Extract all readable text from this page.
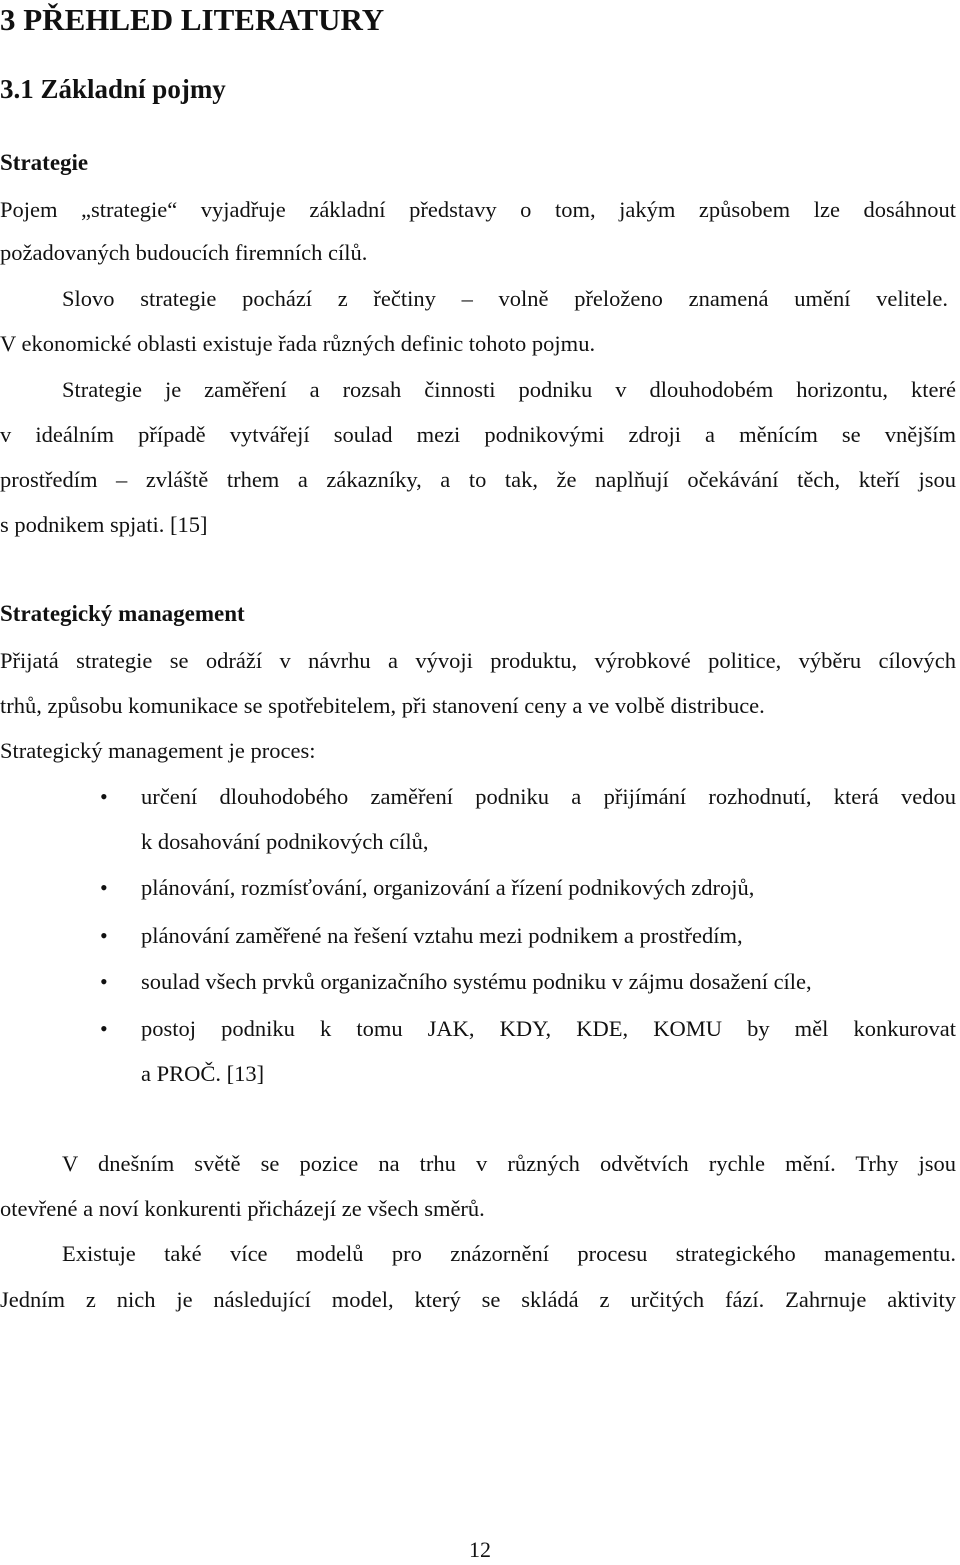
3 PŘEHLED LITERATURY
3.1 Základní pojmy
Strategie
Pojem „strategie“ vyjadřuje základní představy o tom, jakým způsobem lze dosáhnout
požadovaných budoucích firemních cílů.
Slovo strategie pochází z řečtiny – volně přeloženo znamená umění velitele.
V ekonomické oblasti existuje řada různých definic tohoto pojmu.
Strategie je zaměření a rozsah činnosti podniku v dlouhodobém horizontu, které
v ideálním případě vytvářejí soulad mezi podnikovými zdroji a měnícím se vnějším
prostředím – zvláště trhem a zákazníky, a to tak, že naplňují očekávání těch, kteří jsou
s podnikem spjati. [15]
Strategický management
Přijatá strategie se odráží v návrhu a vývoji produktu, výrobkové politice, výběru cílových
trhů, způsobu komunikace se spotřebitelem, při stanovení ceny a ve volbě distribuce.
Strategický management je proces:
• určení dlouhodobého zaměření podniku a přijímání rozhodnutí, která vedou
k dosahování podnikových cílů,
• plánování, rozmísťování, organizování a řízení podnikových zdrojů,
• plánování zaměřené na řešení vztahu mezi podnikem a prostředím,
• soulad všech prvků organizačního systému podniku v zájmu dosažení cíle,
• postoj podniku k tomu JAK, KDY, KDE, KOMU by měl konkurovat
a PROČ. [13]
V dnešním světě se pozice na trhu v různých odvětvích rychle mění. Trhy jsou
otevřené a noví konkurenti přicházejí ze všech směrů.
Existuje také více modelů pro znázornění procesu strategického managementu.
Jedním z nich je následující model, který se skládá z určitých fází. Zahrnuje aktivity
12
